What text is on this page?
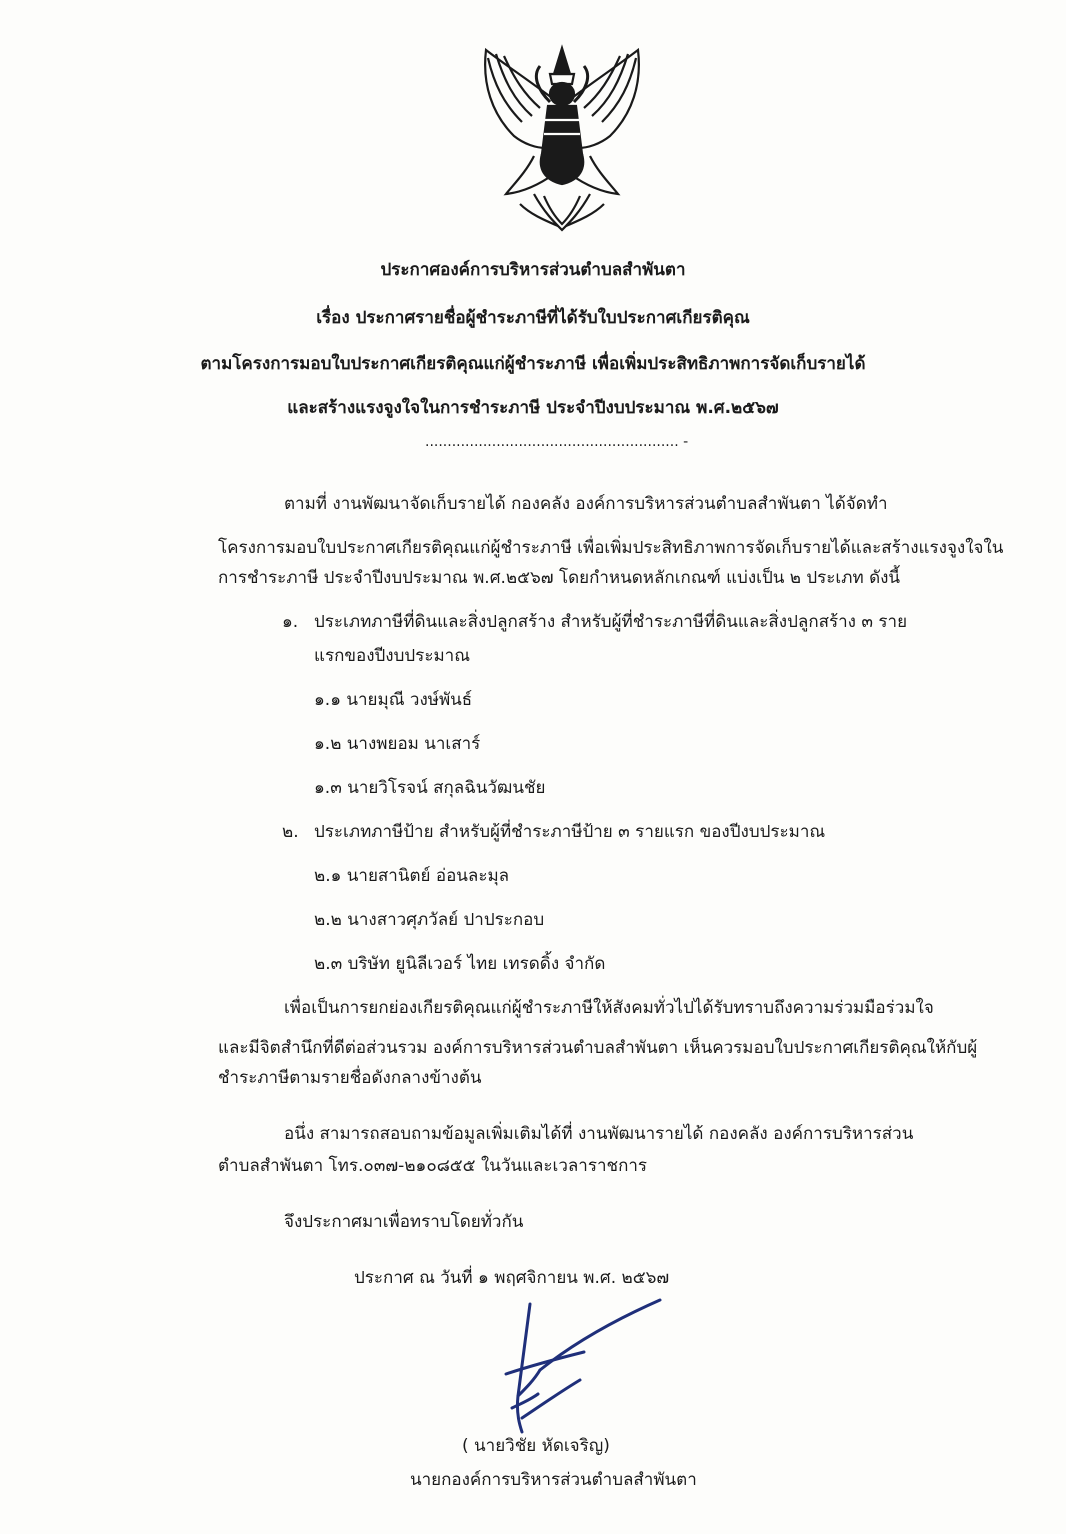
ประกาศองค์การบริหารส่วนตำบลสำพันตา
เรื่อง ประกาศรายชื่อผู้ชำระภาษีที่ได้รับใบประกาศเกียรติคุณ
ตามโครงการมอบใบประกาศเกียรติคุณแก่ผู้ชำระภาษี เพื่อเพิ่มประสิทธิภาพการจัดเก็บรายได้
และสร้างแรงจูงใจในการชำระภาษี ประจำปีงบประมาณ พ.ศ.๒๕๖๗
......................................................... -
ตามที่ งานพัฒนาจัดเก็บรายได้ กองคลัง องค์การบริหารส่วนตำบลสำพันตา ได้จัดทำ
โครงการมอบใบประกาศเกียรติคุณแก่ผู้ชำระภาษี เพื่อเพิ่มประสิทธิภาพการจัดเก็บรายได้และสร้างแรงจูงใจใน
การชำระภาษี ประจำปีงบประมาณ พ.ศ.๒๕๖๗ โดยกำหนดหลักเกณฑ์ แบ่งเป็น ๒ ประเภท ดังนี้
๑. ประเภทภาษีที่ดินและสิ่งปลูกสร้าง สำหรับผู้ที่ชำระภาษีที่ดินและสิ่งปลูกสร้าง ๓ ราย
แรกของปีงบประมาณ
๑.๑ นายมุณี วงษ์พันธ์
๑.๒ นางพยอม นาเสาร์
๑.๓ นายวิโรจน์ สกุลฉินวัฒนชัย
๒. ประเภทภาษีป้าย สำหรับผู้ที่ชำระภาษีป้าย ๓ รายแรก ของปีงบประมาณ
๒.๑ นายสานิตย์ อ่อนละมุล
๒.๒ นางสาวศุภวัลย์ ปาประกอบ
๒.๓ บริษัท ยูนิลีเวอร์ ไทย เทรดดิ้ง จำกัด
เพื่อเป็นการยกย่องเกียรติคุณแก่ผู้ชำระภาษีให้สังคมทั่วไปได้รับทราบถึงความร่วมมือร่วมใจ
และมีจิตสำนึกที่ดีต่อส่วนรวม องค์การบริหารส่วนตำบลสำพันตา เห็นควรมอบใบประกาศเกียรติคุณให้กับผู้
ชำระภาษีตามรายชื่อดังกลางข้างต้น
อนึ่ง สามารถสอบถามข้อมูลเพิ่มเติมได้ที่ งานพัฒนารายได้ กองคลัง องค์การบริหารส่วน
ตำบลสำพันตา โทร.๐๓๗-๒๑๐๘๕๕ ในวันและเวลาราชการ
จึงประกาศมาเพื่อทราบโดยทั่วกัน
ประกาศ ณ วันที่ ๑ พฤศจิกายน พ.ศ. ๒๕๖๗
( นายวิชัย หัดเจริญ)
นายกองค์การบริหารส่วนตำบลสำพันตา
